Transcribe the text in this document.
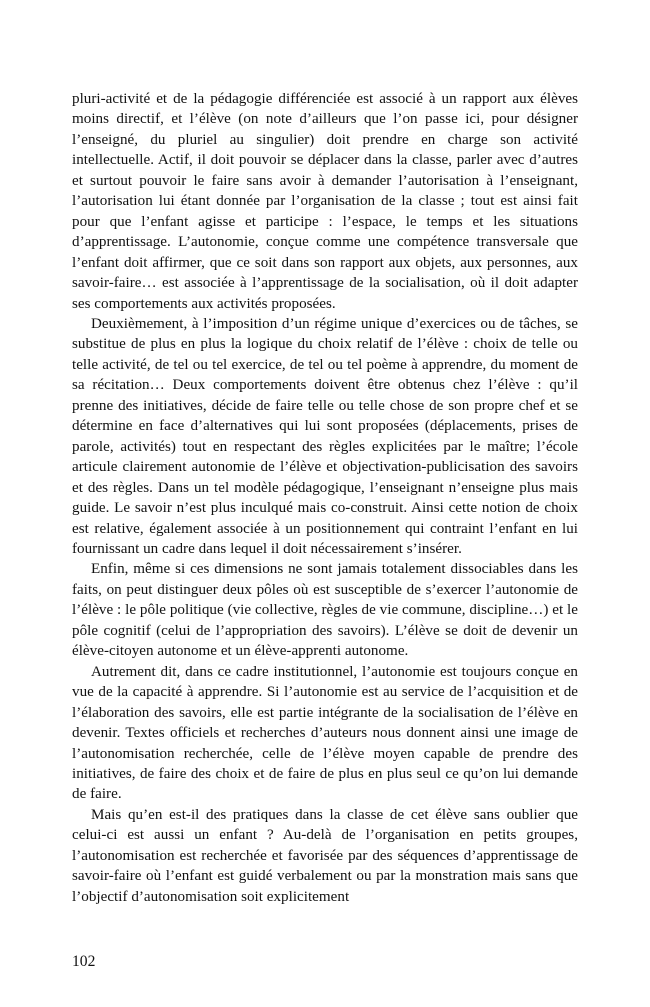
pluri-activité et de la pédagogie différenciée est associé à un rapport aux élèves moins directif, et l’élève (on note d’ailleurs que l’on passe ici, pour désigner l’enseigné, du pluriel au singulier) doit prendre en charge son activité intellectuelle. Actif, il doit pouvoir se déplacer dans la classe, parler avec d’autres et surtout pouvoir le faire sans avoir à demander l’autorisation à l’enseignant, l’autorisation lui étant donnée par l’organisation de la classe ; tout est ainsi fait pour que l’enfant agisse et participe : l’espace, le temps et les situations d’apprentissage. L’autonomie, conçue comme une compétence transversale que l’enfant doit affirmer, que ce soit dans son rapport aux objets, aux personnes, aux savoir-faire… est associée à l’apprentissage de la socialisation, où il doit adapter ses comportements aux activités proposées.

Deuxièmement, à l’imposition d’un régime unique d’exercices ou de tâches, se substitue de plus en plus la logique du choix relatif de l’élève : choix de telle ou telle activité, de tel ou tel exercice, de tel ou tel poème à apprendre, du moment de sa récitation… Deux comportements doivent être obtenus chez l’élève : qu’il prenne des initiatives, décide de faire telle ou telle chose de son propre chef et se détermine en face d’alternatives qui lui sont proposées (déplacements, prises de parole, activités) tout en respectant des règles explicitées par le maître; l’école articule clairement autonomie de l’élève et objectivation-publicisation des savoirs et des règles. Dans un tel modèle pédagogique, l’enseignant n’enseigne plus mais guide. Le savoir n’est plus inculqué mais co-construit. Ainsi cette notion de choix est relative, également associée à un positionnement qui contraint l’enfant en lui fournissant un cadre dans lequel il doit nécessairement s’insérer.

Enfin, même si ces dimensions ne sont jamais totalement dissociables dans les faits, on peut distinguer deux pôles où est susceptible de s’exercer l’autonomie de l’élève : le pôle politique (vie collective, règles de vie commune, discipline…) et le pôle cognitif (celui de l’appropriation des savoirs). L’élève se doit de devenir un élève-citoyen autonome et un élève-apprenti autonome.

Autrement dit, dans ce cadre institutionnel, l’autonomie est toujours conçue en vue de la capacité à apprendre. Si l’autonomie est au service de l’acquisition et de l’élaboration des savoirs, elle est partie intégrante de la socialisation de l’élève en devenir. Textes officiels et recherches d’auteurs nous donnent ainsi une image de l’autonomisation recherchée, celle de l’élève moyen capable de prendre des initiatives, de faire des choix et de faire de plus en plus seul ce qu’on lui demande de faire.

Mais qu’en est-il des pratiques dans la classe de cet élève sans oublier que celui-ci est aussi un enfant ? Au-delà de l’organisation en petits groupes, l’autonomisation est recherchée et favorisée par des séquences d’apprentissage de savoir-faire où l’enfant est guidé verbalement ou par la monstration mais sans que l’objectif d’autonomisation soit explicitement

102
